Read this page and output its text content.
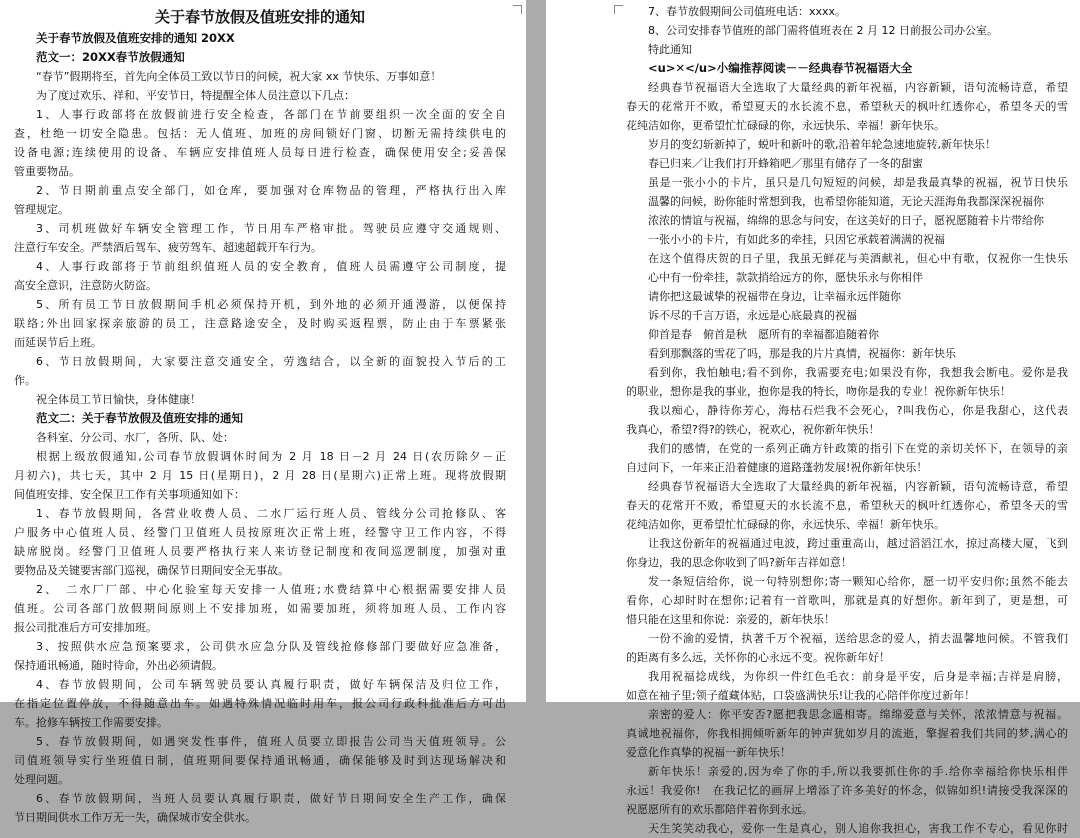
关于春节放假及值班安排的通知
关于春节放假及值班安排的通知 20XX
范文一：20XX春节放假通知
“春节”假期将至，首先向全体员工致以节日的问候，祝大家 xx 节快乐、万事如意！
为了度过欢乐、祥和、平安节日，特提醒全体人员注意以下几点：
1、人事行政部将在放假前进行安全检查，各部门在节前要组织一次全面的安全自
查，杜绝一切安全隐患。包括：无人值班、加班的房间锁好门窗、切断无需持续供电的
设备电源;连续使用的设备、车辆应安排值班人员每日进行检查，确保使用安全;妥善保
管重要物品。
2、节日期前重点安全部门，如仓库，要加强对仓库物品的管理，严格执行出入库
管理规定。
3、司机班做好车辆安全管理工作，节日用车严格审批。驾驶员应遵守交通规则、
注意行车安全。严禁酒后驾车、疲劳驾车、超速超载开车行为。
4、人事行政部将于节前组织值班人员的安全教育，值班人员需遵守公司制度，提
高安全意识，注意防火防盗。
5、所有员工节日放假期间手机必须保持开机，到外地的必须开通漫游，以便保持
联络;外出回家探亲旅游的员工，注意路途安全，及时购买返程票，防止由于车票紧张
而延误节后上班。
6、节日放假期间，大家要注意交通安全，劳逸结合，以全新的面貌投入节后的工
作。
祝全体员工节日愉快，身体健康！
范文二：关于春节放假及值班安排的通知
各科室、分公司、水厂，各所、队、处：
根据上级放假通知,公司春节放假调休时间为 2 月 18 日－2 月 24 日(农历除夕－正
月初六)，共七天，其中 2 月 15 日(星期日)，2 月 28 日(星期六)正常上班。现将放假期
间值班安排、安全保卫工作有关事项通知如下：
1、春节放假期间，各营业收费人员、二水厂运行班人员、管线分公司抢修队、客
户服务中心值班人员、经警门卫值班人员按原班次正常上班，经警守卫工作内容，不得
缺席脱岗。经警门卫值班人员要严格执行来人来访登记制度和夜间巡逻制度，加强对重
要物品及关键要害部门巡视，确保节日期间安全无事故。
2、　二水厂厂部、中心化验室每天安排一人值班;水费结算中心根据需要安排人员
值班。公司各部门放假期间原则上不安排加班，如需要加班，须将加班人员、工作内容
报公司批准后方可安排加班。
3、按照供水应急预案要求，公司供水应急分队及管线抢修修部门要做好应急准备，
保持通讯畅通，随时待命，外出必须请假。
4、春节放假期间，公司车辆驾驶员要认真履行职责，做好车辆保洁及归位工作，
在指定位置停放，不得随意出车。如遇特殊情况临时用车，报公司行政科批准后方可出
车。抢修车辆按工作需要安排。
5、春节放假期间，如遇突发性事件，值班人员要立即报告公司当天值班领导。公
司值班领导实行坐班值日制，值班期间要保持通讯畅通，确保能够及时到达现场解决和
处理问题。
6、春节放假期间，当班人员要认真履行职责，做好节日期间安全生产工作，确保
节日期间供水工作万无一失，确保城市安全供水。
7、春节放假期间公司值班电话：xxxx。
8、公司安排春节值班的部门需将值班表在 2 月 12 日前报公司办公室。
特此通知
<u>✕</u>小编推荐阅读－－经典春节祝福语大全
经典春节祝福语大全选取了大量经典的新年祝福，内容新颖，语句流畅诗意，希望
春天的花常开不败，希望夏天的水长流不息，希望秋天的枫叶红透你心，希望冬天的雪
花纯洁如你，更希望忙忙碌碌的你，永远快乐、幸福！新年快乐。
岁月的变幻斩新掉了，蜕叶和新叶的歌,沿着年轮急速地旋转,新年快乐！
春已归来／让我们打开蜂箱吧／那里有储存了一冬的甜蜜
虽是一张小小的卡片，虽只是几句短短的问候，却是我最真挚的祝福，祝节日快乐
温馨的问候，盼你能时常想到我，也希望你能知道，无论天涯海角我都深深祝福你
浓浓的情谊与祝福，绵绵的思念与问安，在这美好的日子，愿祝愿随着卡片带给你
一张小小的卡片，有如此多的牵挂，只因它承载着满满的祝福
在这个值得庆贺的日子里，我虽无鲜花与美酒献礼，但心中有歌，仅祝你一生快乐
心中有一份牵挂，款款捎给远方的你，愿快乐永与你相伴
请你把这最诚挚的祝福带在身边，让幸福永远伴随你
诉不尽的千言万语，永远是心底最真的祝福
仰首是春　俯首是秋　愿所有的幸福都追随着你
看到那飘落的雪花了吗，那是我的片片真情，祝福你：新年快乐
看到你，我怕触电;看不到你，我需要充电;如果没有你，我想我会断电。爱你是我
的职业，想你是我的事业，抱你是我的特长，吻你是我的专业！祝你新年快乐！
我以痴心，静待你芳心，海枯石烂我不会死心，?叫我伤心，你是我甜心，这代表
我真心，希望?得?的铁心，祝欢心，祝你新年快乐！
我们的感情，在党的一系列正确方针政策的指引下在党的亲切关怀下，在领导的亲
自过问下，一年来正沿着健康的道路蓬勃发展!祝你新年快乐！
经典春节祝福语大全选取了大量经典的新年祝福，内容新颖，语句流畅诗意，希望
春天的花常开不败，希望夏天的水长流不息，希望秋天的枫叶红透你心，希望冬天的雪
花纯洁如你，更希望忙忙碌碌的你，永远快乐、幸福！新年快乐。
让我这份新年的祝福通过电波，跨过重重高山，越过滔滔江水，掠过高楼大厦，飞到
你身边，我的思念你收到了吗?新年吉祥如意！
发一条短信给你，说一句特别想你;寄一颗知心给你，愿一切平安归你;虽然不能去
看你，心却时时在想你;记着有一首歌叫，那就是真的好想你。新年到了，更是想，可
惜只能在这里和你说：亲爱的，新年快乐！
一份不渝的爱情，执著千万个祝福，送给思念的爱人，捎去温馨地问候。不管我们
的距离有多么远，关怀你的心永远不变。祝你新年好！
我用祝福捻成线，为你织一件红色毛衣：前身是平安，后身是幸福;吉祥是肩膀，
如意在袖子里;领子蕴藏体贴，口袋盛满快乐!让我的心陪伴你度过新年！
亲密的爱人：你平安否?愿把我思念遥相寄。绵绵爱意与关怀，浓浓情意与祝福。
真诚地祝福你，你我相拥倾听新年的钟声犹如岁月的流逝，擎握着我们共同的梦,满心的
爱意化作真挚的祝福一新年快乐！
新年快乐！亲爱的,因为牵了你的手,所以我要抓住你的手.给你幸福给你快乐相伴
永远！我爱你!　在我记忆的画屏上增添了许多美好的怀念，似锦如织!请接受我深深的
祝愿愿所有的欢乐都陪伴着你到永远。
天生笑笑动我心，爱你一生是真心，别人追你我担心，害我工作不专心，看见你时
